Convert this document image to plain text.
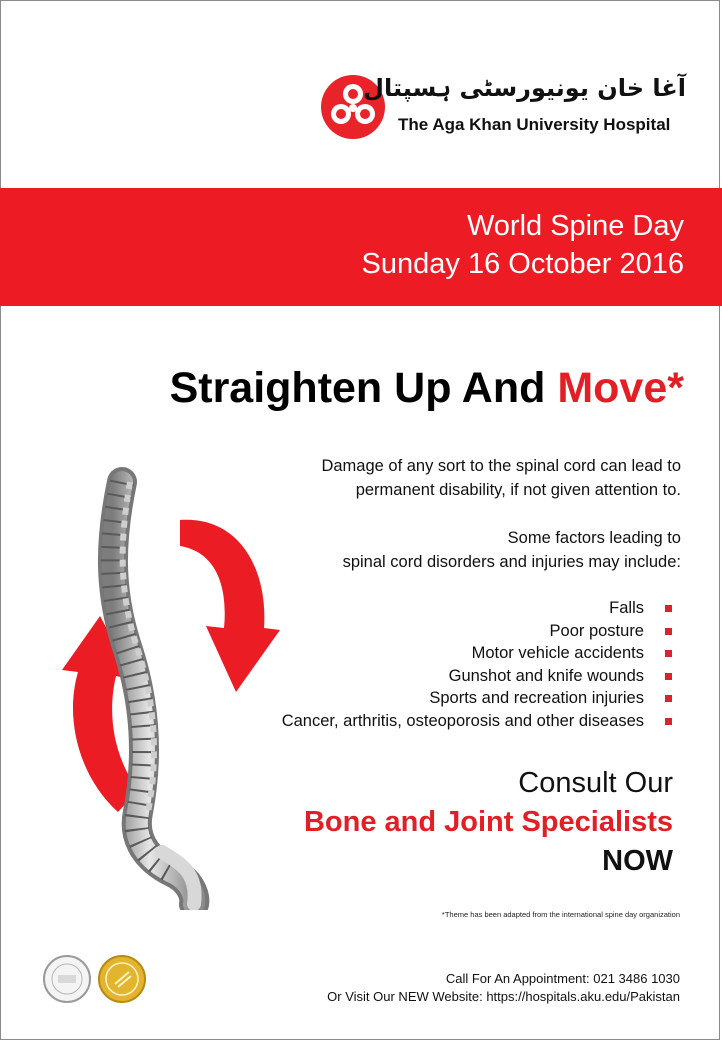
آغا خان یونیورسٹی ہسپتال
The Aga Khan University Hospital
World Spine Day
Sunday 16 October 2016
Straighten Up And Move*
Damage of any sort to the spinal cord can lead to
permanent disability, if not given attention to.
Some factors leading to
spinal cord disorders and injuries may include:
Falls
Poor posture
Motor vehicle accidents
Gunshot and knife wounds
Sports and recreation injuries
Cancer, arthritis, osteoporosis and other diseases
Consult Our
Bone and Joint Specialists
NOW
*Theme has been adapted from the international spine day organization
Call For An Appointment: 021 3486 1030
Or Visit Our NEW Website: https://hospitals.aku.edu/Pakistan
